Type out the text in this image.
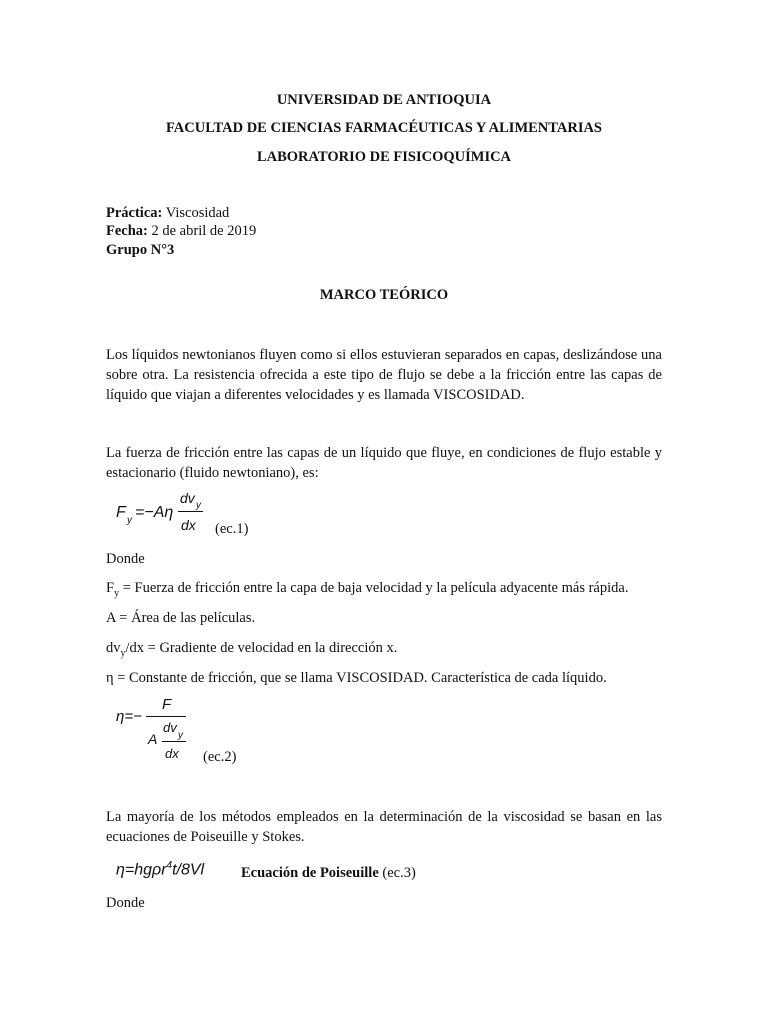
UNIVERSIDAD DE ANTIOQUIA
FACULTAD DE CIENCIAS FARMACÉUTICAS Y ALIMENTARIAS
LABORATORIO DE FISICOQUÍMICA
Práctica: Viscosidad
Fecha: 2 de abril de 2019
Grupo N°3
MARCO TEÓRICO
Los líquidos newtonianos fluyen como si ellos estuvieran separados en capas, deslizándose una sobre otra. La resistencia ofrecida a este tipo de flujo se debe a la fricción entre las capas de líquido que viajan a diferentes velocidades y es llamada VISCOSIDAD.
La fuerza de fricción entre las capas de un líquido que fluye, en condiciones de flujo estable y estacionario (fluido newtoniano), es:
F y =−Aη
dv y
dx (ec.1)
Donde
$F_y$ = Fuerza de fricción entre la capa de baja velocidad y la película adyacente más rápida.
A = Área de las películas.
$dv_y/dx$ = Gradiente de velocidad en la dirección x.
η = Constante de fricción, que se llama VISCOSIDAD. Característica de cada líquido.
η=−
F
A
dv
y
dx (ec.2)
La mayoría de los métodos empleados en la determinación de la viscosidad se basan en las ecuaciones de Poiseuille y Stokes.
η=hgρr$^4$t/8Vl	Ecuación de Poiseuille (ec.3)
Donde
